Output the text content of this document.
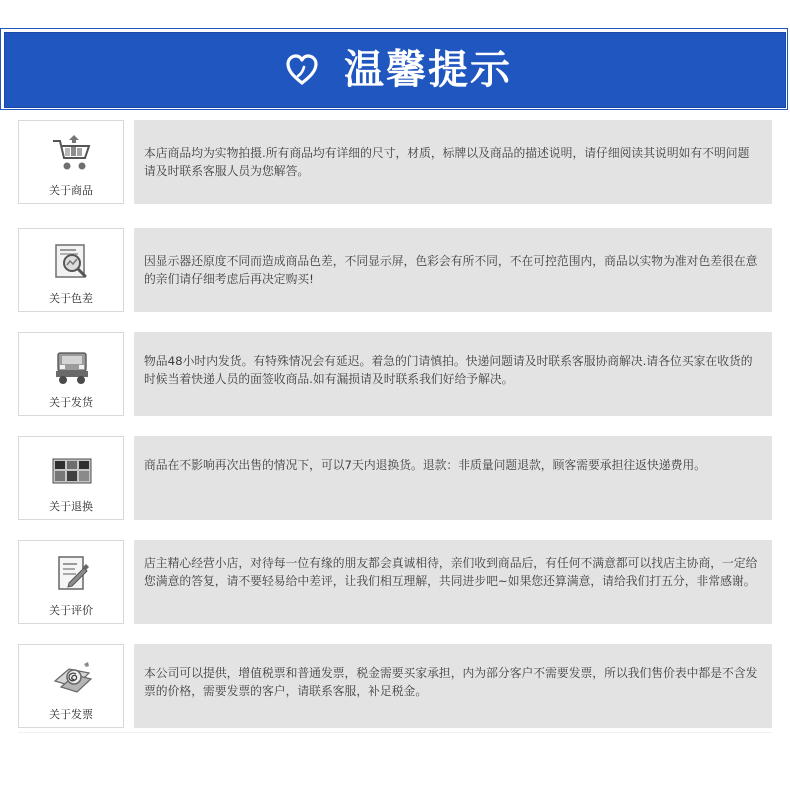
温馨提示
关于商品
本店商品均为实物拍摄.所有商品均有详细的尺寸，材质，标牌以及商品的描述说明，请仔细阅读其说明如有不明问题请及时联系客服人员为您解答。
关于色差
因显示器还原度不同而造成商品色差，不同显示屏，色彩会有所不同，不在可控范围内，商品以实物为准对色差很在意的亲们请仔细考虑后再决定购买!
关于发货
物品48小时内发货。有特殊情况会有延迟。着急的门请慎拍。快递问题请及时联系客服协商解决.请各位买家在收货的时候当着快递人员的面签收商品.如有漏损请及时联系我们好给予解决。
关于退换
商品在不影响再次出售的情况下，可以7天内退换货。退款：非质量问题退款，顾客需要承担往返快递费用。
关于评价
店主精心经营小店，对待每一位有缘的朋友都会真诚相待，亲们收到商品后，有任何不满意都可以找店主协商，一定给您满意的答复，请不要轻易给中差评，让我们相互理解，共同进步吧~如果您还算满意，请给我们打五分，非常感谢。
关于发票
本公司可以提供，增值税票和普通发票，税金需要买家承担，内为部分客户不需要发票，所以我们售价表中都是不含发票的价格，需要发票的客户，请联系客服，补足税金。
